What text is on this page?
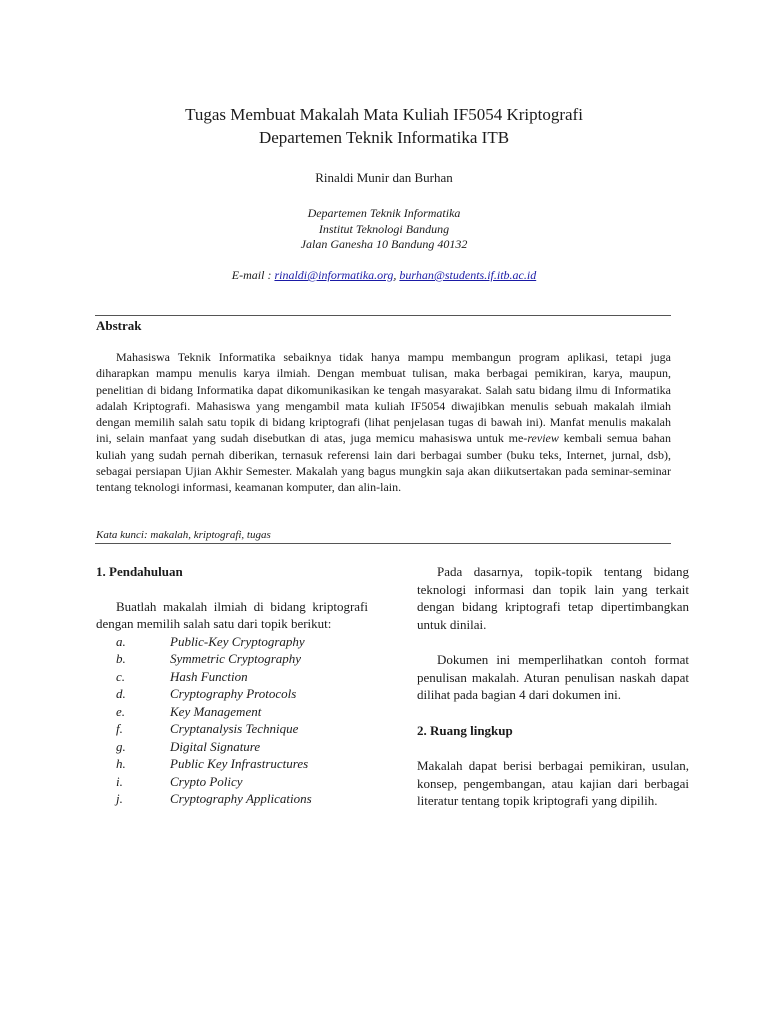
Tugas Membuat Makalah Mata Kuliah IF5054 Kriptografi
Departemen Teknik Informatika ITB
Rinaldi Munir dan Burhan
Departemen Teknik Informatika
Institut Teknologi Bandung
Jalan Ganesha 10 Bandung 40132
E-mail : rinaldi@informatika.org, burhan@students.if.itb.ac.id
Abstrak

Mahasiswa Teknik Informatika sebaiknya tidak hanya mampu membangun program aplikasi, tetapi juga diharapkan mampu menulis karya ilmiah. Dengan membuat tulisan, maka berbagai pemikiran, karya, maupun, penelitian di bidang Informatika dapat dikomunikasikan ke tengah masyarakat. Salah satu bidang ilmu di Informatika adalah Kriptografi. Mahasiswa yang mengambil mata kuliah IF5054 diwajibkan menulis sebuah makalah ilmiah dengan memilih salah satu topik di bidang kriptografi (lihat penjelasan tugas di bawah ini). Manfat menulis makalah ini, selain manfaat yang sudah disebutkan di atas, juga memicu mahasiswa untuk me-review kembali semua bahan kuliah yang sudah pernah diberikan, ternasuk referensi lain dari berbagai sumber (buku teks, Internet, jurnal, dsb), sebagai persiapan Ujian Akhir Semester. Makalah yang bagus mungkin saja akan diikutsertakan pada seminar-seminar tentang teknologi informasi, keamanan komputer, dan alin-lain.

Kata kunci: makalah, kriptografi, tugas

1. Pendahuluan

Buatlah makalah ilmiah di bidang kriptografi dengan memilih salah satu dari topik berikut:

a.	Public-Key Cryptography
b.	Symmetric Cryptography
c.	Hash Function
d.	Cryptography Protocols
e.	Key Management
f.	Cryptanalysis Technique
g.	Digital Signature
h.	Public Key Infrastructures
i.	Crypto Policy
j.	Cryptography Applications

Pada dasarnya, topik-topik tentang bidang teknologi informasi dan topik lain yang terkait dengan bidang kriptografi tetap dipertimbangkan untuk dinilai.

Dokumen ini memperlihatkan contoh format penulisan makalah. Aturan penulisan naskah dapat dilihat pada bagian 4 dari dokumen ini.

2. Ruang lingkup

Makalah dapat berisi berbagai pemikiran, usulan, konsep, pengembangan, atau kajian dari berbagai literatur tentang topik kriptografi yang dipilih.
